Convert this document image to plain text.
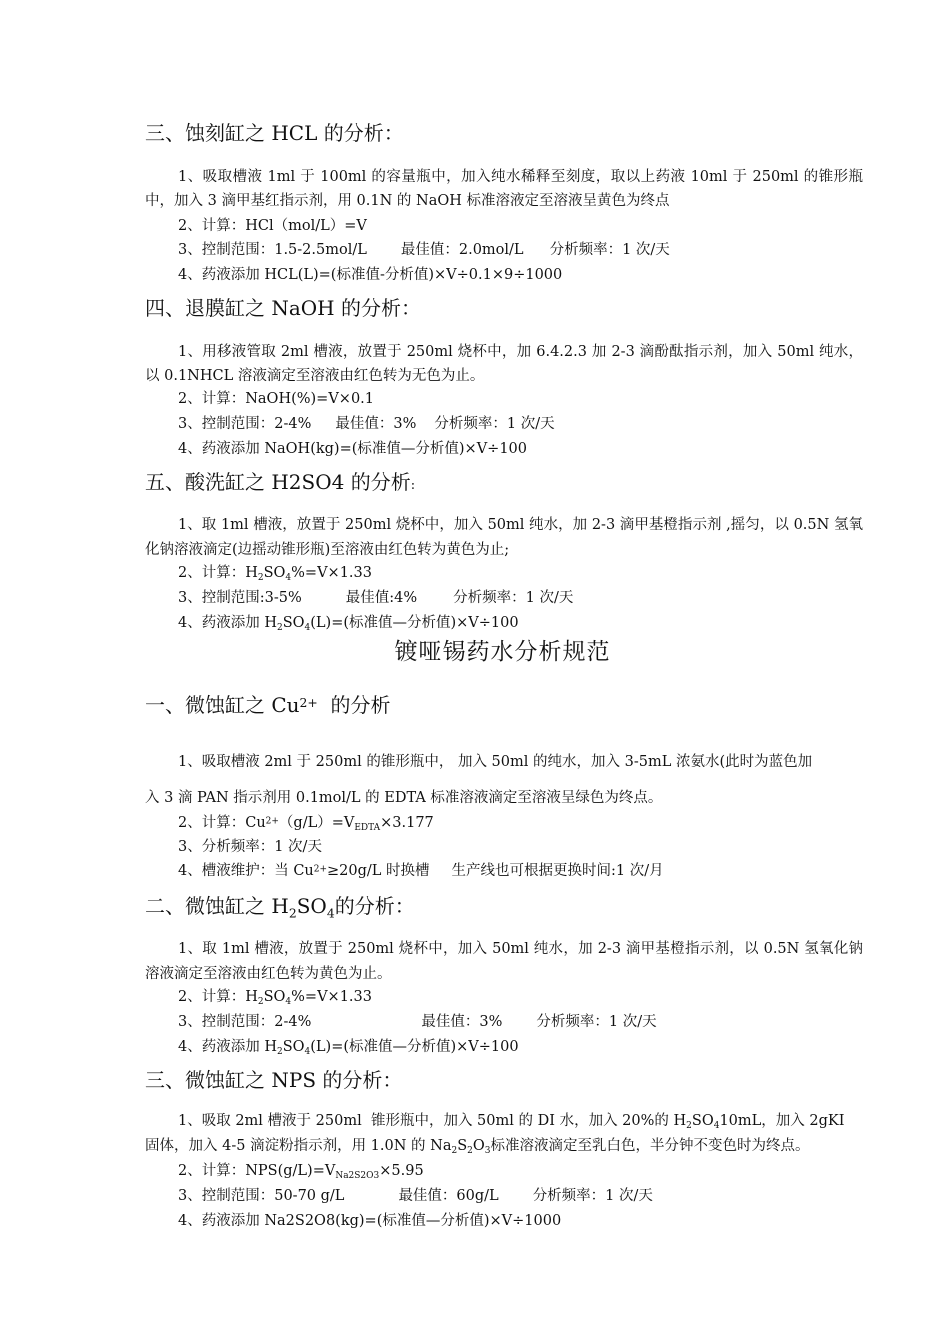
三、蚀刻缸之 HCL 的分析：
1、吸取槽液 1ml 于 100ml 的容量瓶中，加入纯水稀释至刻度，取以上药液 10ml 于 250ml 的锥形瓶中，加入 3 滴甲基红指示剂，用 0.1N 的 NaOH 标准溶液定至溶液呈黄色为终点
2、计算：HCl（mol/L）=V
3、控制范围：1.5-2.5mol/L 最佳值：2.0mol/L 分析频率：1 次/天
4、药液添加 HCL(L)=(标准值-分析值)×V÷0.1×9÷1000
四、退膜缸之 NaOH 的分析：
1、用移液管取 2ml 槽液，放置于 250ml 烧杯中，加 6.4.2.3 加 2-3 滴酚酞指示剂，加入 50ml 纯水，以 0.1NHCL 溶液滴定至溶液由红色转为无色为止。
2、计算：NaOH(%)=V×0.1
3、控制范围：2-4% 最佳值：3% 分析频率：1 次/天
4、药液添加 NaOH(kg)=(标准值—分析值)×V÷100
五、酸洗缸之 H2SO4 的分析:
1、取 1ml 槽液，放置于 250ml 烧杯中，加入 50ml 纯水，加 2-3 滴甲基橙指示剂 ,摇匀，以 0.5N 氢氧化钠溶液滴定(边摇动锥形瓶)至溶液由红色转为黄色为止;
2、计算：$H_2SO_4\%=V\times 1.33$
3、控制范围:3-5%	最佳值:4% 分析频率：1 次/天
4、药液添加 $H_2SO_4(L)=$(标准值—分析值)×V÷100
镀哑锡药水分析规范
一、微蚀缸之 $Cu^{2+}$  的分析
1、吸取槽液 2ml 于 250ml 的锥形瓶中， 加入 50ml 的纯水，加入 3-5mL 浓氨水(此时为蓝色加
入 3 滴 PAN 指示剂用 0.1mol/L 的 EDTA 标准溶液滴定至溶液呈绿色为终点。
2、计算：$Cu^{2+}(g/L)=V_{EDTA}\times 3.177$
3、分析频率：1 次/天
4、槽液维护：当 $Cu^{2+}\ge 20g/L$ 时换槽 生产线也可根据更换时间:1 次/月
二、微蚀缸之 $H_2SO_4$的分析：
1、取 1ml 槽液，放置于 250ml 烧杯中，加入 50ml 纯水，加 2-3 滴甲基橙指示剂，以 0.5N 氢氧化钠溶液滴定至溶液由红色转为黄色为止。
2、计算：$H_2SO_4\%=V\times 1.33$
3、控制范围：2-4%	最佳值：3% 分析频率：1 次/天
4、药液添加 $H_2SO_4(L)=$(标准值—分析值)×V÷100
三、微蚀缸之 NPS 的分析：
1、吸取 2ml 槽液于 250ml  锥形瓶中，加入 50ml 的 DI 水，加入 20%的 $H_2SO_410mL$，加入 2gKI
固体，加入 4-5 滴淀粉指示剂，用 1.0N 的 $Na_2S_2O_3$标准溶液滴定至乳白色，半分钟不变色时为终点。
2、计算：$NPS(g/L)=V_{Na2S2O3}\times 5.95$
3、控制范围：50-70 g/L	最佳值：60g/L 分析频率：1 次/天
4、药液添加 Na2S2O8(kg)=(标准值—分析值)×V÷1000
